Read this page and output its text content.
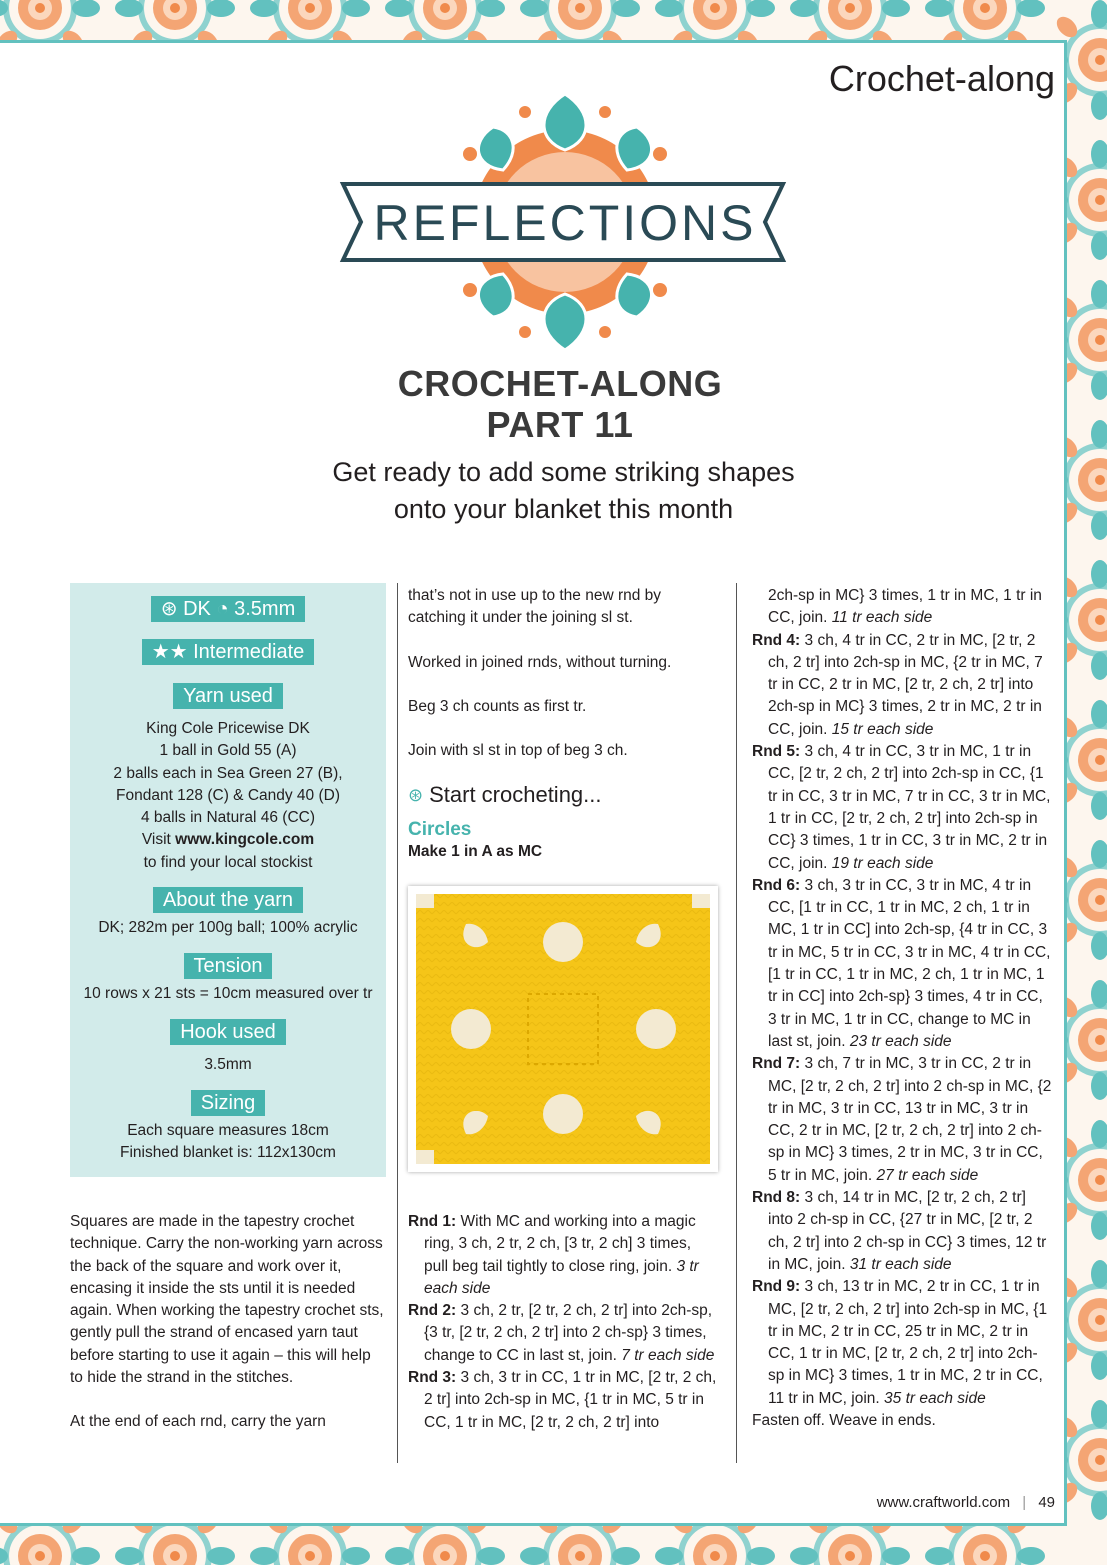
Crochet-along
REFLECTIONS
CROCHET-ALONG
PART 11
Get ready to add some striking shapes
onto your blanket this month
⊛ DK ◔ 3.5mm
★★ Intermediate
Yarn used
King Cole Pricewise DK
1 ball in Gold 55 (A)
2 balls each in Sea Green 27 (B),
Fondant 128 (C) & Candy 40 (D)
4 balls in Natural 46 (CC)
Visit www.kingcole.com
to find your local stockist
About the yarn
DK; 282m per 100g ball; 100% acrylic
Tension
10 rows x 21 sts = 10cm measured over tr
Hook used
3.5mm
Sizing
Each square measures 18cm
Finished blanket is: 112x130cm

Squares are made in the tapestry crochet technique. Carry the non-working yarn across the back of the square and work over it, encasing it inside the sts until it is needed again. When working the tapestry crochet sts, gently pull the strand of encased yarn taut before starting to use it again – this will help to hide the strand in the stitches.

At the end of each rnd, carry the yarn

that’s not in use up to the new rnd by catching it under the joining sl st.

Worked in joined rnds, without turning.

Beg 3 ch counts as first tr.

Join with sl st in top of beg 3 ch.

⊛ Start crocheting...
Circles
Make 1 in A as MC

Rnd 1: With MC and working into a magic ring, 3 ch, 2 tr, 2 ch, [3 tr, 2 ch] 3 times, pull beg tail tightly to close ring, join. 3 tr each side

Rnd 2: 3 ch, 2 tr, [2 tr, 2 ch, 2 tr] into 2ch-sp, {3 tr, [2 tr, 2 ch, 2 tr] into 2 ch-sp} 3 times, change to CC in last st, join. 7 tr each side

Rnd 3: 3 ch, 3 tr in CC, 1 tr in MC, [2 tr, 2 ch, 2 tr] into 2ch-sp in MC, {1 tr in MC, 5 tr in CC, 1 tr in MC, [2 tr, 2 ch, 2 tr] into

2ch-sp in MC} 3 times, 1 tr in MC, 1 tr in CC, join. 11 tr each side

Rnd 4: 3 ch, 4 tr in CC, 2 tr in MC, [2 tr, 2 ch, 2 tr] into 2ch-sp in MC, {2 tr in MC, 7 tr in CC, 2 tr in MC, [2 tr, 2 ch, 2 tr] into 2ch-sp in MC} 3 times, 2 tr in MC, 2 tr in CC, join. 15 tr each side

Rnd 5: 3 ch, 4 tr in CC, 3 tr in MC, 1 tr in CC, [2 tr, 2 ch, 2 tr] into 2ch-sp in CC, {1 tr in CC, 3 tr in MC, 7 tr in CC, 3 tr in MC, 1 tr in CC, [2 tr, 2 ch, 2 tr] into 2ch-sp in CC} 3 times, 1 tr in CC, 3 tr in MC, 2 tr in CC, join. 19 tr each side

Rnd 6: 3 ch, 3 tr in CC, 3 tr in MC, 4 tr in CC, [1 tr in CC, 1 tr in MC, 2 ch, 1 tr in MC, 1 tr in CC] into 2ch-sp, {4 tr in CC, 3 tr in MC, 5 tr in CC, 3 tr in MC, 4 tr in CC, [1 tr in CC, 1 tr in MC, 2 ch, 1 tr in MC, 1 tr in CC] into 2ch-sp} 3 times, 4 tr in CC, 3 tr in MC, 1 tr in CC, change to MC in last st, join. 23 tr each side

Rnd 7: 3 ch, 7 tr in MC, 3 tr in CC, 2 tr in MC, [2 tr, 2 ch, 2 tr] into 2 ch-sp in MC, {2 tr in MC, 3 tr in CC, 13 tr in MC, 3 tr in CC, 2 tr in MC, [2 tr, 2 ch, 2 tr] into 2 ch-sp in MC} 3 times, 2 tr in MC, 3 tr in CC, 5 tr in MC, join. 27 tr each side

Rnd 8: 3 ch, 14 tr in MC, [2 tr, 2 ch, 2 tr] into 2 ch-sp in CC, {27 tr in MC, [2 tr, 2 ch, 2 tr] into 2 ch-sp in CC} 3 times, 12 tr in MC, join. 31 tr each side

Rnd 9: 3 ch, 13 tr in MC, 2 tr in CC, 1 tr in MC, [2 tr, 2 ch, 2 tr] into 2ch-sp in MC, {1 tr in MC, 2 tr in CC, 25 tr in MC, 2 tr in CC, 1 tr in MC, [2 tr, 2 ch, 2 tr] into 2ch-sp in MC} 3 times, 1 tr in MC, 2 tr in CC, 11 tr in MC, join. 35 tr each side

Fasten off. Weave in ends.

www.craftworld.com | 49
